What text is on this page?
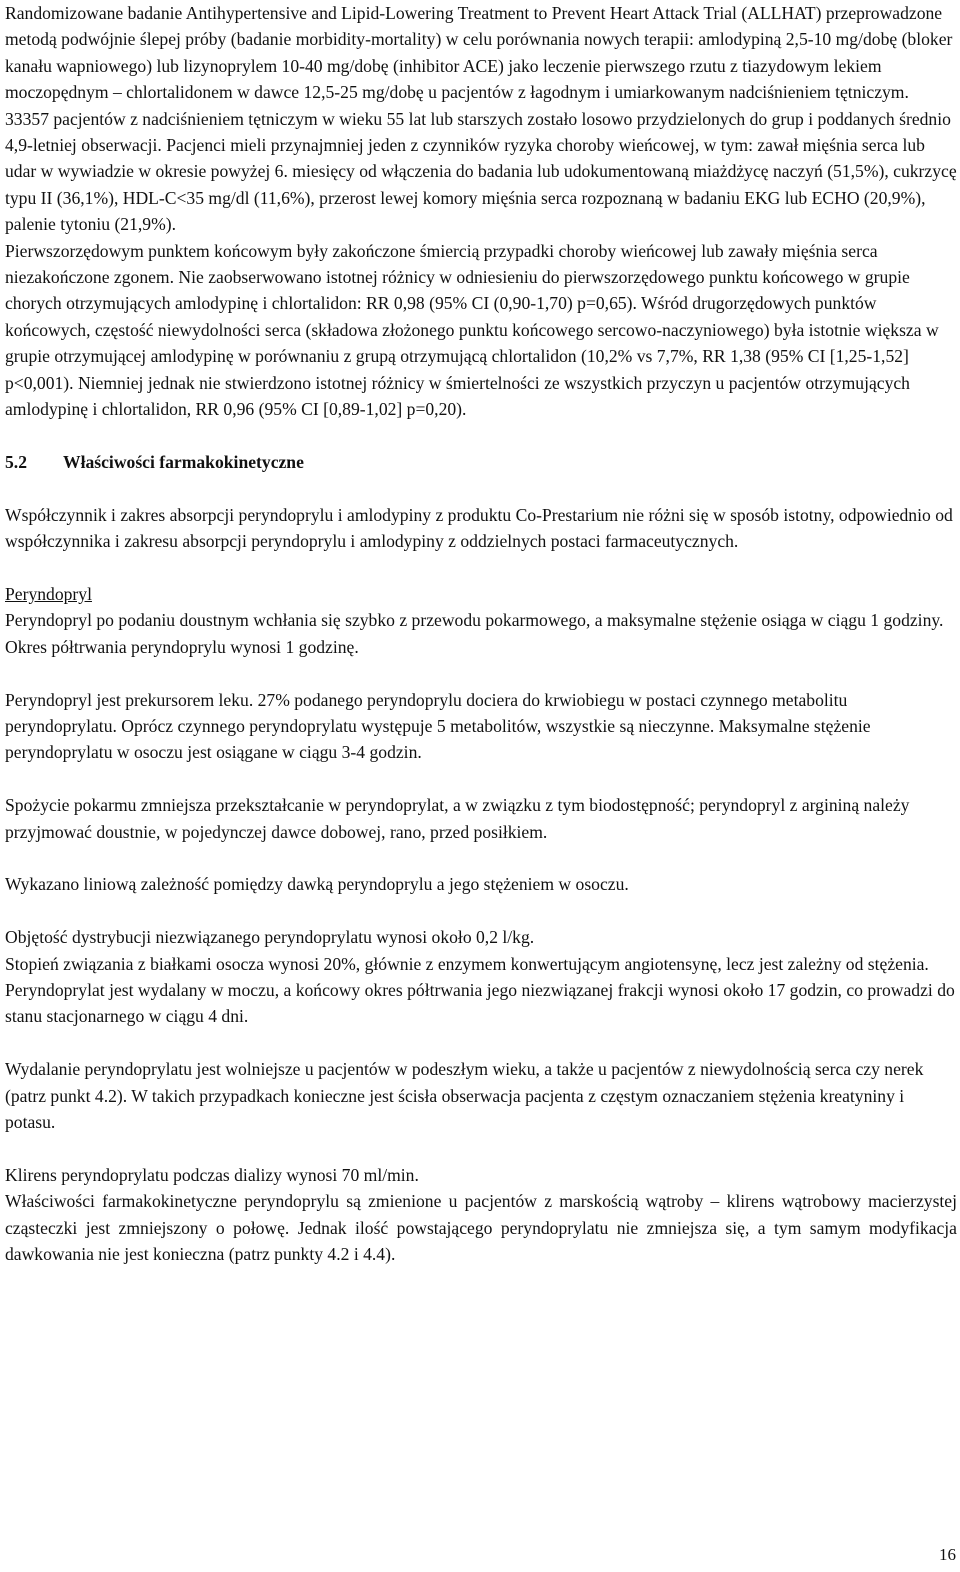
Randomizowane badanie Antihypertensive and Lipid-Lowering Treatment to Prevent Heart Attack Trial (ALLHAT) przeprowadzone metodą podwójnie ślepej próby (badanie morbidity-mortality) w celu porównania nowych terapii: amlodypiną 2,5-10 mg/dobę (bloker kanału wapniowego) lub lizynoprylem 10-40 mg/dobę (inhibitor ACE) jako leczenie pierwszego rzutu z tiazydowym lekiem moczopędnym – chlortalidonem w dawce 12,5-25 mg/dobę u pacjentów z łagodnym i umiarkowanym nadciśnieniem tętniczym.

33357 pacjentów z nadciśnieniem tętniczym w wieku 55 lat lub starszych zostało losowo przydzielonych do grup i poddanych średnio 4,9-letniej obserwacji. Pacjenci mieli przynajmniej jeden z czynników ryzyka choroby wieńcowej, w tym: zawał mięśnia serca lub udar w wywiadzie w okresie powyżej 6. miesięcy od włączenia do badania lub udokumentowaną miażdżycę naczyń (51,5%), cukrzycę typu II (36,1%), HDL-C<35 mg/dl (11,6%), przerost lewej komory mięśnia serca rozpoznaną w badaniu EKG lub ECHO (20,9%), palenie tytoniu (21,9%).

Pierwszorzędowym punktem końcowym były zakończone śmiercią przypadki choroby wieńcowej lub zawały mięśnia serca niezakończone zgonem. Nie zaobserwowano istotnej różnicy w odniesieniu do pierwszorzędowego punktu końcowego w grupie chorych otrzymujących amlodypinę i chlortalidon: RR 0,98 (95% CI (0,90-1,70) p=0,65). Wśród drugorzędowych punktów końcowych, częstość niewydolności serca (składowa złożonego punktu końcowego sercowo-naczyniowego) była istotnie większa w grupie otrzymującej amlodypinę w porównaniu z grupą otrzymującą chlortalidon (10,2% vs 7,7%, RR 1,38 (95% CI [1,25-1,52] p<0,001). Niemniej jednak nie stwierdzono istotnej różnicy w śmiertelności ze wszystkich przyczyn u pacjentów otrzymujących amlodypinę i chlortalidon, RR 0,96 (95% CI [0,89-1,02] p=0,20).

5.2 Właściwości farmakokinetyczne

Współczynnik i zakres absorpcji peryndoprylu i amlodypiny z produktu Co-Prestarium nie różni się w sposób istotny, odpowiednio od współczynnika i zakresu absorpcji peryndoprylu i amlodypiny z oddzielnych postaci farmaceutycznych.

Peryndopryl

Peryndopryl po podaniu doustnym wchłania się szybko z przewodu pokarmowego, a maksymalne stężenie osiąga w ciągu 1 godziny. Okres półtrwania peryndoprylu wynosi 1 godzinę.

Peryndopryl jest prekursorem leku. 27% podanego peryndoprylu dociera do krwiobiegu w postaci czynnego metabolitu peryndoprylatu. Oprócz czynnego peryndoprylatu występuje 5 metabolitów, wszystkie są nieczynne. Maksymalne stężenie peryndoprylatu w osoczu jest osiągane w ciągu 3-4 godzin.

Spożycie pokarmu zmniejsza przekształcanie w peryndoprylat, a w związku z tym biodostępność; peryndopryl z argininą należy przyjmować doustnie, w pojedynczej dawce dobowej, rano, przed posiłkiem.

Wykazano liniową zależność pomiędzy dawką peryndoprylu a jego stężeniem w osoczu.

Objętość dystrybucji niezwiązanego peryndoprylatu wynosi około 0,2 l/kg.

Stopień związania z białkami osocza wynosi 20%, głównie z enzymem konwertującym angiotensynę, lecz jest zależny od stężenia. Peryndoprylat jest wydalany w moczu, a końcowy okres półtrwania jego niezwiązanej frakcji wynosi około 17 godzin, co prowadzi do stanu stacjonarnego w ciągu 4 dni.

Wydalanie peryndoprylatu jest wolniejsze u pacjentów w podeszłym wieku, a także u pacjentów z niewydolnością serca czy nerek (patrz punkt 4.2). W takich przypadkach konieczne jest ścisła obserwacja pacjenta z częstym oznaczaniem stężenia kreatyniny i potasu.

Klirens peryndoprylatu podczas dializy wynosi 70 ml/min.

Właściwości farmakokinetyczne peryndoprylu są zmienione u pacjentów z marskością wątroby – klirens wątrobowy macierzystej cząsteczki jest zmniejszony o połowę. Jednak ilość powstającego peryndoprylatu nie zmniejsza się, a tym samym modyfikacja dawkowania nie jest konieczna (patrz punkty 4.2 i 4.4).

16
